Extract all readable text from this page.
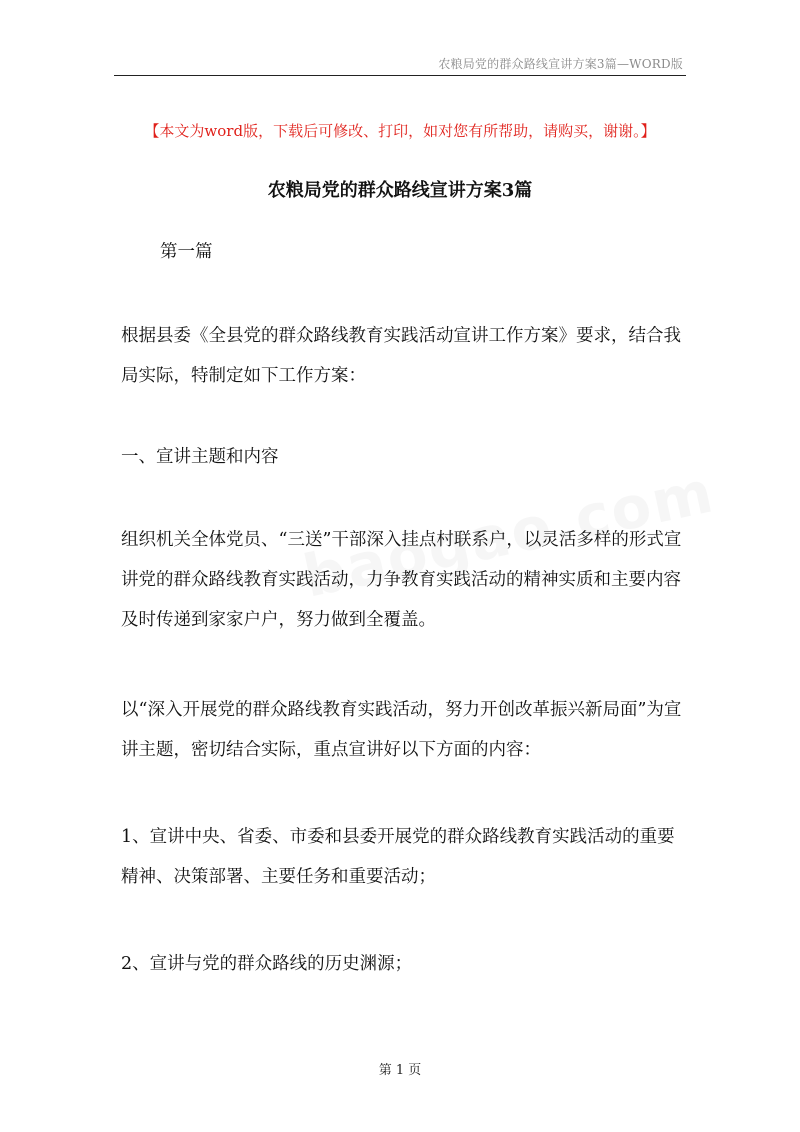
农粮局党的群众路线宣讲方案3篇—WORD版
【本文为word版，下载后可修改、打印，如对您有所帮助，请购买，谢谢。】
农粮局党的群众路线宣讲方案3篇
第一篇
根据县委《全县党的群众路线教育实践活动宣讲工作方案》要求，结合我局实际，特制定如下工作方案：
一、宣讲主题和内容
组织机关全体党员、“三送”干部深入挂点村联系户，以灵活多样的形式宣讲党的群众路线教育实践活动，力争教育实践活动的精神实质和主要内容及时传递到家家户户，努力做到全覆盖。
以“深入开展党的群众路线教育实践活动，努力开创改革振兴新局面”为宣讲主题，密切结合实际，重点宣讲好以下方面的内容：
1、宣讲中央、省委、市委和县委开展党的群众路线教育实践活动的重要精神、决策部署、主要任务和重要活动；
2、宣讲与党的群众路线的历史渊源；
第 1 页
